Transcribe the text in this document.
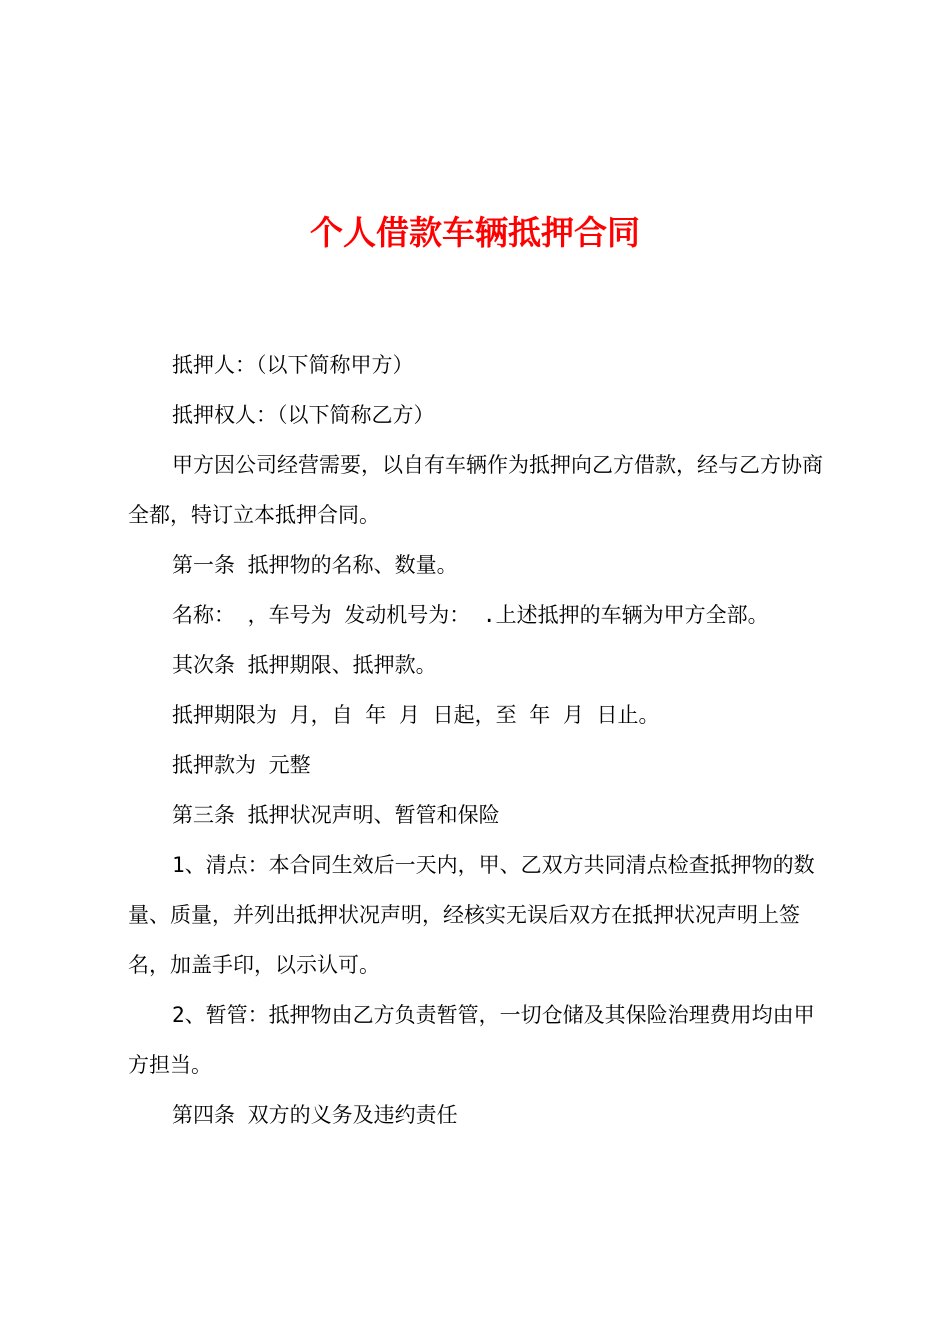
个人借款车辆抵押合同

抵押人：（以下简称甲方）

抵押权人：（以下简称乙方）

甲方因公司经营需要，以自有车辆作为抵押向乙方借款，经与乙方协商全都，特订立本抵押合同。

第一条 抵押物的名称、数量。

名称： ，车号为 发动机号为： .上述抵押的车辆为甲方全部。

其次条 抵押期限、抵押款。

抵押期限为 月，自 年 月 日起，至 年 月 日止。

抵押款为 元整

第三条 抵押状况声明、暂管和保险

1、清点：本合同生效后一天内，甲、乙双方共同清点检查抵押物的数量、质量，并列出抵押状况声明，经核实无误后双方在抵押状况声明上签名，加盖手印，以示认可。

2、暂管：抵押物由乙方负责暂管，一切仓储及其保险治理费用均由甲方担当。

第四条 双方的义务及违约责任
